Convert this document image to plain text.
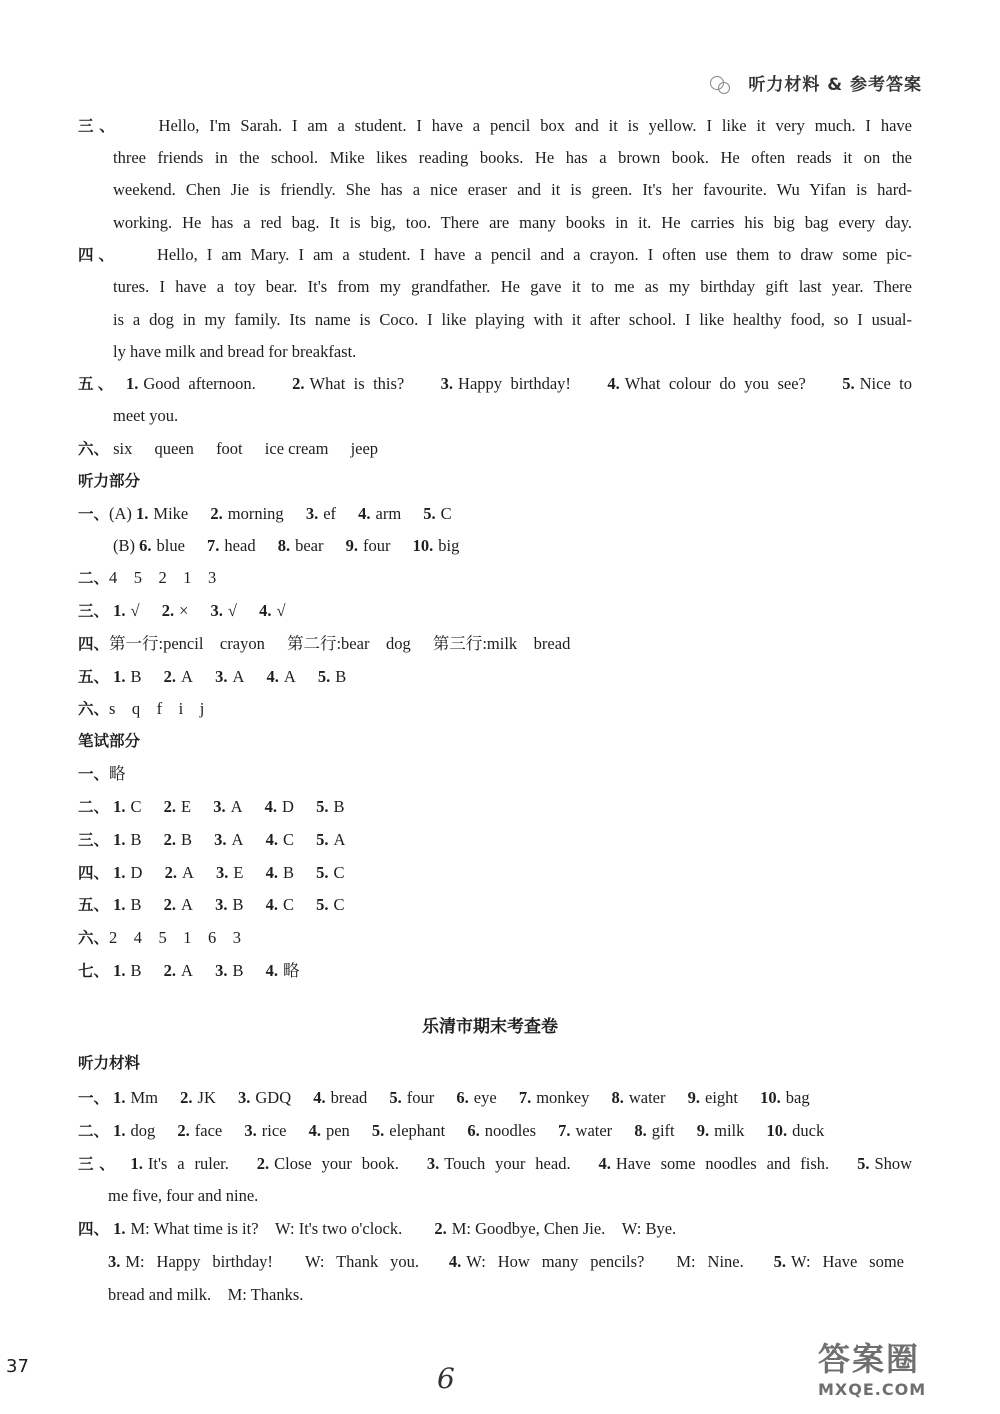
听力材料 & 参考答案
三、 Hello, I'm Sarah. I am a student. I have a pencil box and it is yellow. I like it very much. I have
three friends in the school. Mike likes reading books. He has a brown book. He often reads it on the
weekend. Chen Jie is friendly. She has a nice eraser and it is green. It's her favourite. Wu Yifan is hard-
working. He has a red bag. It is big, too. There are many books in it. He carries his big bag every day.
四、 Hello, I am Mary. I am a student. I have a pencil and a crayon. I often use them to draw some pic-
tures. I have a toy bear. It's from my grandfather. He gave it to me as my birthday gift last year. There
is a dog in my family. Its name is Coco. I like playing with it after school. I like healthy food, so I usual-
ly have milk and bread for breakfast.
五、 1. Good afternoon. 2. What is this? 3. Happy birthday! 4. What colour do you see? 5. Nice to
meet you.
六、 six queen foot ice cream jeep
听力部分
一、(A) 1. Mike 2. morning 3. ef 4. arm 5. C
(B) 6. blue 7. head 8. bear 9. four 10. big
二、4　5　2　1　3
三、 1. √ 2. × 3. √ 4. √
四、第一行:pencil　crayon 第二行:bear　dog 第三行:milk　bread
五、 1. B 2. A 3. A 4. A 5. B
六、s　q　f　i　j
笔试部分
一、略
二、 1. C 2. E 3. A 4. D 5. B
三、 1. B 2. B 3. A 4. C 5. A
四、 1. D 2. A 3. E 4. B 5. C
五、 1. B 2. A 3. B 4. C 5. C
六、2　4　5　1　6　3
七、 1. B 2. A 3. B 4. 略
乐清市期末考查卷
听力材料
一、 1. Mm 2. JK 3. GDQ 4. bread 5. four 6. eye 7. monkey 8. water 9. eight 10. bag
二、 1. dog 2. face 3. rice 4. pen 5. elephant 6. noodles 7. water 8. gift 9. milk 10. duck
三、 1. It's a ruler. 2. Close your book. 3. Touch your head. 4. Have some noodles and fish. 5. Show
me five, four and nine.
四、 1. M: What time is it?　W: It's two o'clock. 2. M: Goodbye, Chen Jie.　W: Bye.
3. M: Happy birthday!　W: Thank you. 4. W: How many pencils?　M: Nine. 5. W: Have some
bread and milk.　M: Thanks.
37	6
答案圈
MXQE.COM
